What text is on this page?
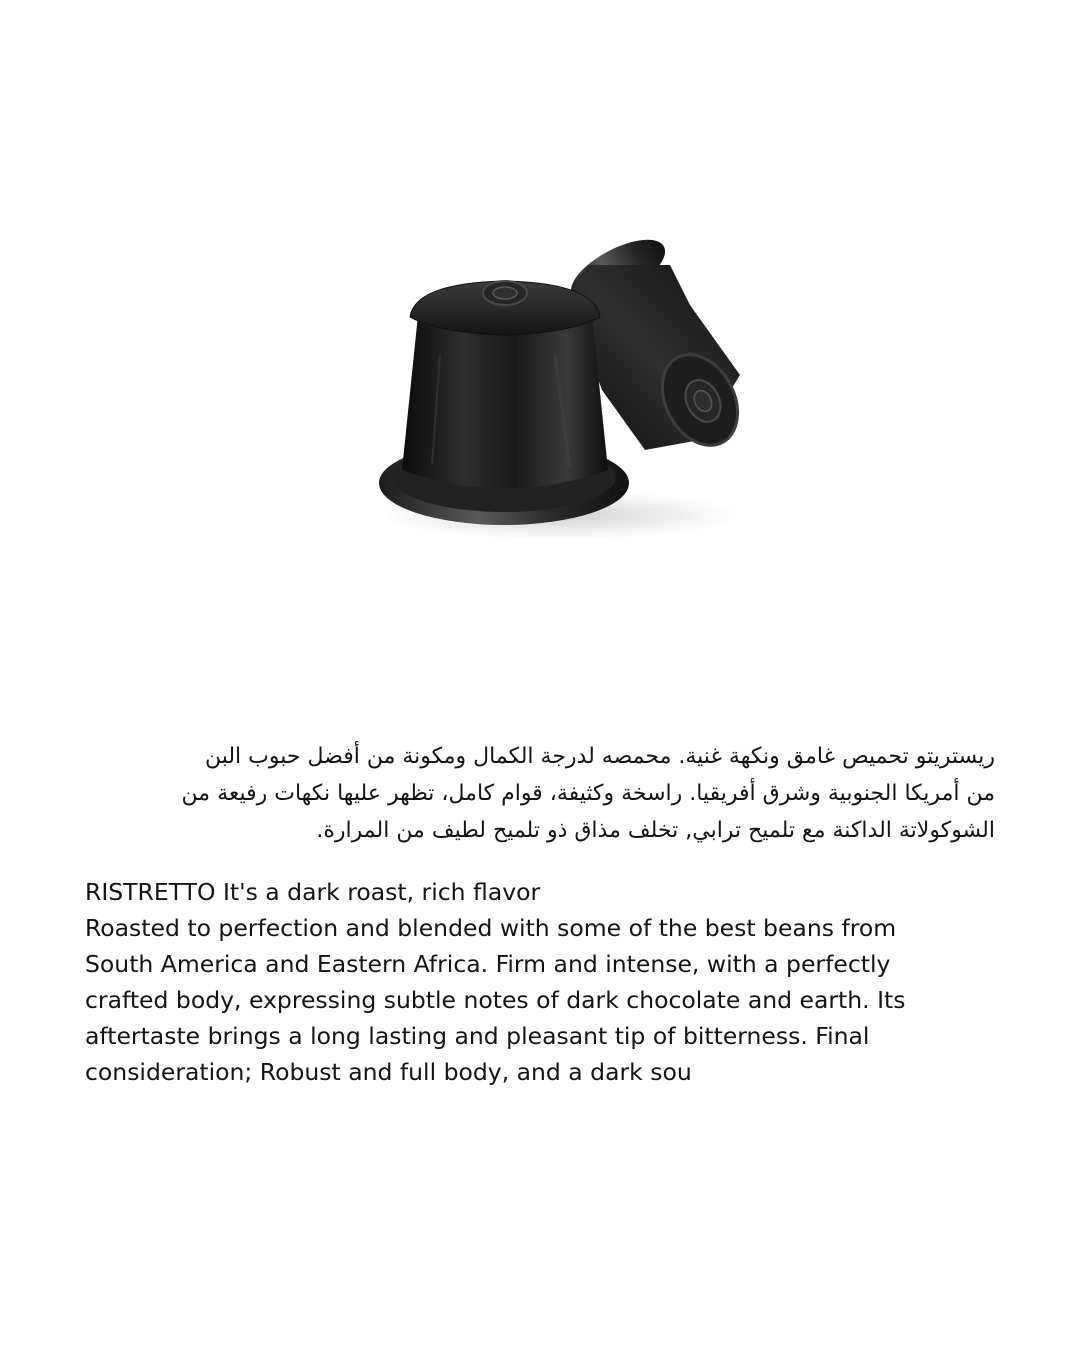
ريستريتو تحميص غامق ونكهة غنية. محمصه لدرجة الكمال ومكونة من أفضل حبوب البن

من أمريكا الجنوبية وشرق أفريقيا. راسخة وكثيفة، قوام كامل، تظهر عليها نكهات رفيعة من

الشوكولاتة الداكنة مع تلميح ترابي, تخلف مذاق ذو تلميح لطيف من المرارة.

RISTRETTO It's a dark roast, rich flavor

Roasted to perfection and blended with some of the best beans from

South America and Eastern Africa. Firm and intense, with a perfectly

crafted body, expressing subtle notes of dark chocolate and earth. Its

aftertaste brings a long lasting and pleasant tip of bitterness. Final

consideration; Robust and full body, and a dark sou
